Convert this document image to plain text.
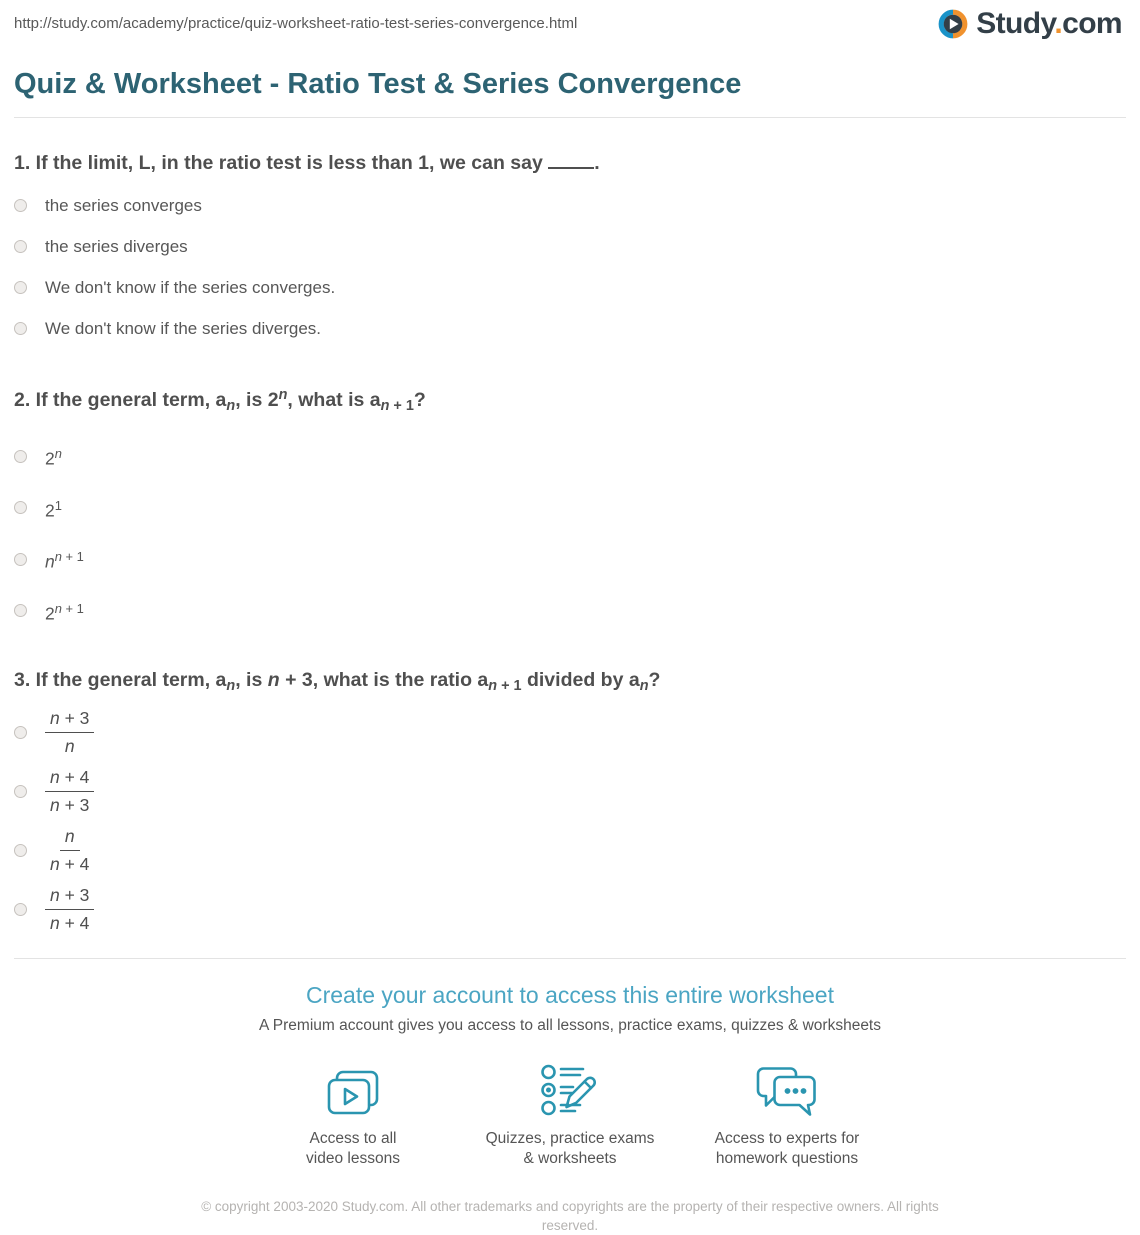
http://study.com/academy/practice/quiz-worksheet-ratio-test-series-convergence.html	Study.com
Quiz & Worksheet - Ratio Test & Series Convergence
1. If the limit, L, in the ratio test is less than 1, we can say .
the series converges
the series diverges
We don't know if the series converges.
We don't know if the series diverges.
2. If the general term, $a_n$, is 2$^n$, what is $a_n$ $_{+ 1}$?
2$^n$
$2^1$
$n^n$ $^{+ 1}$
2$^n$ $^{+ 1}$
3. If the general term, $a_n$, is n + 3, what is the ratio $a_n$ $_{+ 1}$ divided by $a_n$?
$\frac{n + 3}{n}$
$\frac{n + 4}{n + 3}$
$\frac{n}{n + 4}$
$\frac{n + 3}{n + 4}$
Create your account to access this entire worksheet

A Premium account gives you access to all lessons, practice exams, quizzes & worksheets

Access to all
video lessons
Quizzes, practice exams
& worksheets
Access to experts for
homework questions

© copyright 2003-2020 Study.com. All other trademarks and copyrights are the property of their respective owners. All rights reserved.
